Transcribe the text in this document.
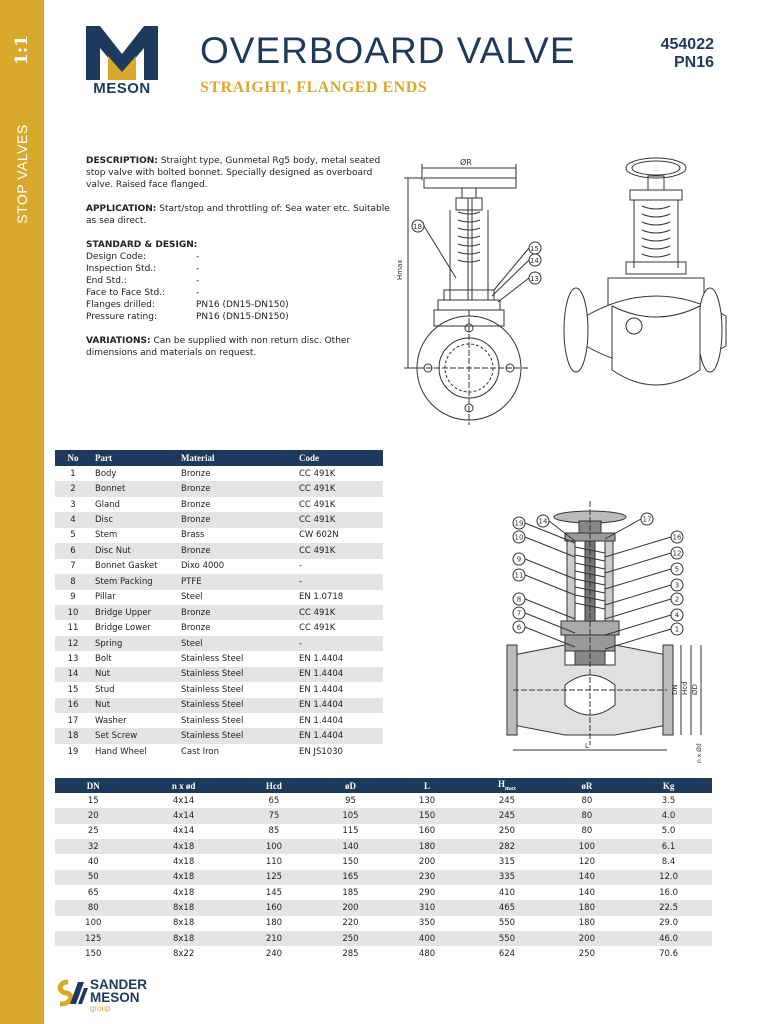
1:1
STOP VALVES
MESON
OVERBOARD VALVE
STRAIGHT, FLANGED ENDS
454022
PN16

DESCRIPTION: Straight type, Gunmetal Rg5 body, metal seated stop valve with bolted bonnet. Specially designed as overboard valve. Raised face flanged.

APPLICATION: Start/stop and throttling of: Sea water etc. Suitable as sea direct.

STANDARD & DESIGN:
Design Code:	-
Inspection Std.:	-
End Std.:	-
Face to Face Std.:	-
Flanges drilled:	PN16 (DN15-DN150)
Pressure rating:	PN16 (DN15-DN150)

VARIATIONS: Can be supplied with non return disc. Other dimensions and materials on request.

ØR
Hmax
18
15
14
13
L
DN Hcd ØD
n x Ød
19 14	17
10	16
12
9
5
11
3
8	2
7	4
6	1
No	Part	Material	Code
1	Body	Bronze	CC 491K
2	Bonnet	Bronze	CC 491K
3	Gland	Bronze	CC 491K
4	Disc	Bronze	CC 491K
5	Stem	Brass	CW 602N
6	Disc Nut	Bronze	CC 491K
7	Bonnet Gasket	Dixo 4000	-
8	Stem Packing	PTFE	-
9	Pillar	Steel	EN 1.0718
10	Bridge Upper	Bronze	CC 491K
11	Bridge Lower	Bronze	CC 491K
12	Spring	Steel	-
13	Bolt	Stainless Steel	EN 1.4404
14	Nut	Stainless Steel	EN 1.4404
15	Stud	Stainless Steel	EN 1.4404
16	Nut	Stainless Steel	EN 1.4404
17	Washer	Stainless Steel	EN 1.4404
18	Set Screw	Stainless Steel	EN 1.4404
19	Hand Wheel	Cast Iron	EN JS1030
DN	n x ød	Hcd	øD	L	$H_{max}$	øR	Kg
15	4x14	65	95	130	245	80	3.5
20	4x14	75	105	150	245	80	4.0
25	4x14	85	115	160	250	80	5.0
32	4x18	100	140	180	282	100	6.1
40	4x18	110	150	200	315	120	8.4
50	4x18	125	165	230	335	140	12.0
65	4x18	145	185	290	410	140	16.0
80	8x18	160	200	310	465	180	22.5
100	8x18	180	220	350	550	180	29.0
125	8x18	210	250	400	550	200	46.0
150	8x22	240	285	480	624	250	70.6
SANDER
MESON
group
